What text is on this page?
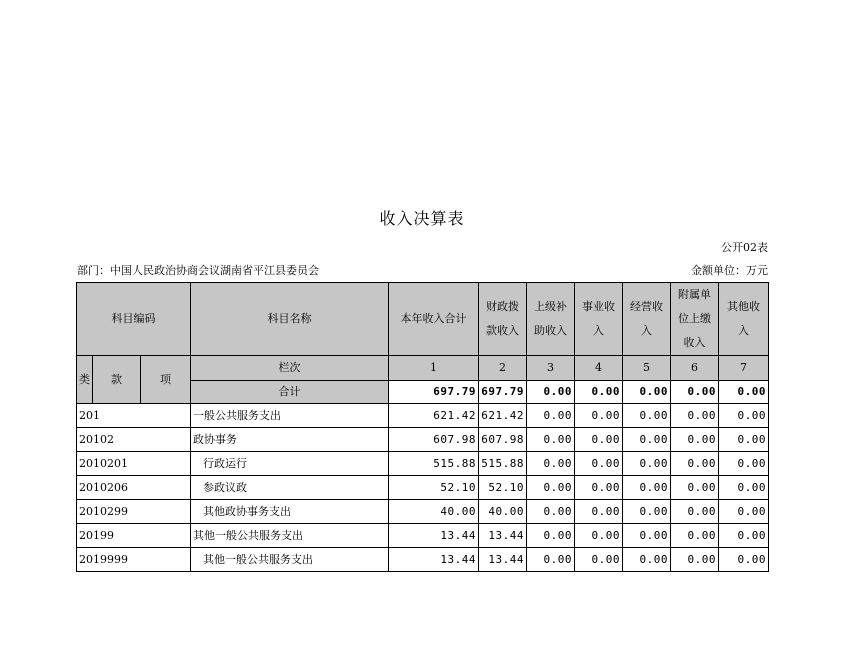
收入决算表
公开02表
部门：中国人民政治协商会议湖南省平江县委员会	金额单位：万元
科目编码			科目名称	本年收入合计	财政拨款收入	上级补助收入	事业收入	经营收入	附属单位上缴收入	其他收入
类	款	项	栏次	1	2	3	4	5	6	7
			合计	697.79	697.79	0.00	0.00	0.00	0.00	0.00
201			一般公共服务支出	621.42	621.42	0.00	0.00	0.00	0.00	0.00
20102			政协事务	607.98	607.98	0.00	0.00	0.00	0.00	0.00
2010201			行政运行	515.88	515.88	0.00	0.00	0.00	0.00	0.00
2010206			参政议政	52.10	52.10	0.00	0.00	0.00	0.00	0.00
2010299			其他政协事务支出	40.00	40.00	0.00	0.00	0.00	0.00	0.00
20199			其他一般公共服务支出	13.44	13.44	0.00	0.00	0.00	0.00	0.00
2019999			其他一般公共服务支出	13.44	13.44	0.00	0.00	0.00	0.00	0.00
